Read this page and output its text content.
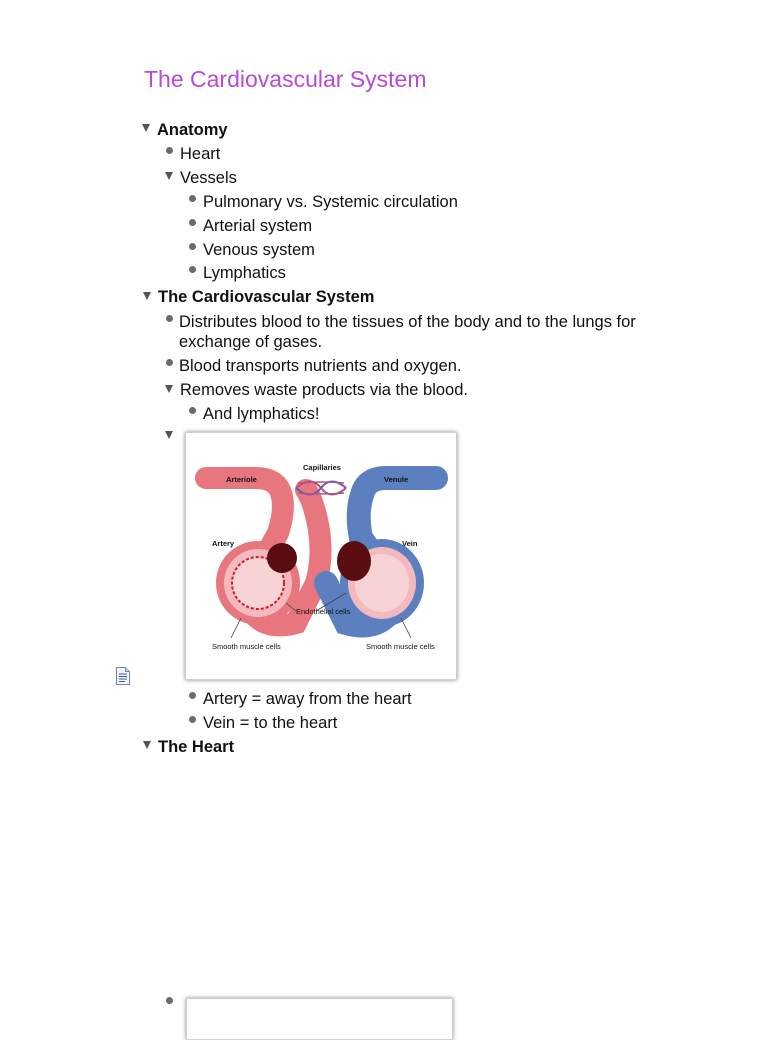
The Cardiovascular System
Anatomy
Heart
Vessels
Pulmonary vs. Systemic circulation
Arterial system
Venous system
Lymphatics
The Cardiovascular System
Distributes blood to the tissues of the body and to the lungs for
exchange of gases.
Blood transports nutrients and oxygen.
Removes waste products via the blood.
And lymphatics!
Capillaries
Arteriole	Venule
Artery	Vein
Endothelial cells
Smooth muscle cells	Smooth muscle cells
Artery = away from the heart
Vein = to the heart
The Heart
